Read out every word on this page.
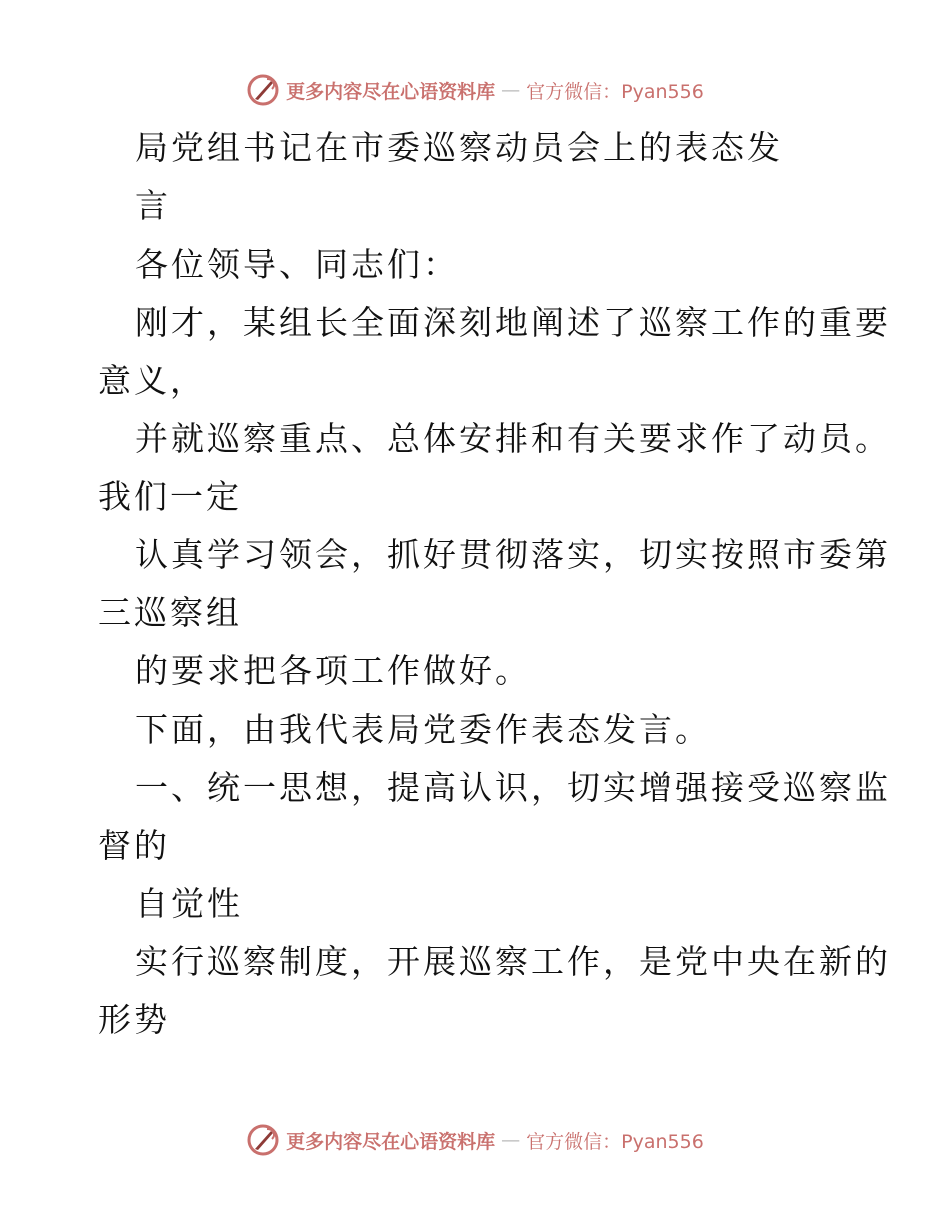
更多内容尽在心语资料库 — 官方微信：Pyan556
局党组书记在市委巡察动员会上的表态发
言
各位领导、同志们：
刚才，某组长全面深刻地阐述了巡察工作的重要
意义，
并就巡察重点、总体安排和有关要求作了动员。
我们一定
认真学习领会，抓好贯彻落实，切实按照市委第
三巡察组
的要求把各项工作做好。
下面，由我代表局党委作表态发言。
一、统一思想，提高认识，切实增强接受巡察监
督的
自觉性
实行巡察制度，开展巡察工作，是党中央在新的
形势
更多内容尽在心语资料库 — 官方微信：Pyan556
